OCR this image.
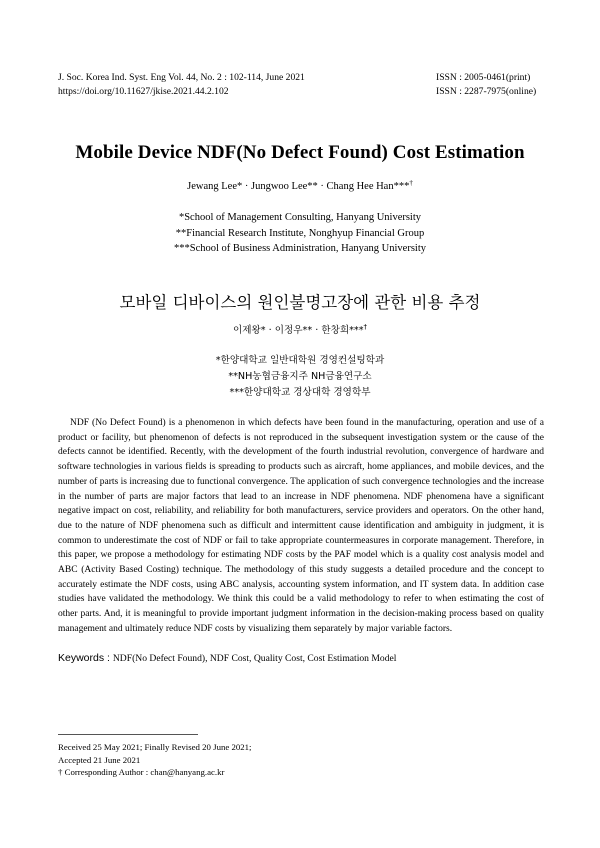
J. Soc. Korea Ind. Syst. Eng Vol. 44, No. 2 : 102-114, June 2021
https://doi.org/10.11627/jkise.2021.44.2.102
ISSN : 2005-0461(print)
ISSN : 2287-7975(online)
Mobile Device NDF(No Defect Found) Cost Estimation
Jewang Lee* · Jungwoo Lee** · Chang Hee Han***†
*School of Management Consulting, Hanyang University
**Financial Research Institute, Nonghyup Financial Group
***School of Business Administration, Hanyang University
모바일 디바이스의 원인불명고장에 관한 비용 추정
이제왕* · 이정우** · 한창희***†
*한양대학교 일반대학원 경영컨설팅학과
**NH농협금융지주 NH금융연구소
***한양대학교 경상대학 경영학부

NDF (No Defect Found) is a phenomenon in which defects have been found in the manufacturing, operation and use of a product or facility, but phenomenon of defects is not reproduced in the subsequent investigation system or the cause of the defects cannot be identified. Recently, with the development of the fourth industrial revolution, convergence of hardware and software technologies in various fields is spreading to products such as aircraft, home appliances, and mobile devices, and the number of parts is increasing due to functional convergence. The application of such convergence technologies and the increase in the number of parts are major factors that lead to an increase in NDF phenomena. NDF phenomena have a significant negative impact on cost, reliability, and reliability for both manufacturers, service providers and operators. On the other hand, due to the nature of NDF phenomena such as difficult and intermittent cause identification and ambiguity in judgment, it is common to underestimate the cost of NDF or fail to take appropriate countermeasures in corporate management. Therefore, in this paper, we propose a methodology for estimating NDF costs by the PAF model which is a quality cost analysis model and ABC (Activity Based Costing) technique. The methodology of this study suggests a detailed procedure and the concept to accurately estimate the NDF costs, using ABC analysis, accounting system information, and IT system data. In addition case studies have validated the methodology. We think this could be a valid methodology to refer to when estimating the cost of other parts. And, it is meaningful to provide important judgment information in the decision-making process based on quality management and ultimately reduce NDF costs by visualizing them separately by major variable factors.

Keywords : NDF(No Defect Found), NDF Cost, Quality Cost, Cost Estimation Model
Received 25 May 2021; Finally Revised 20 June 2021;
Accepted 21 June 2021
† Corresponding Author : chan@hanyang.ac.kr
